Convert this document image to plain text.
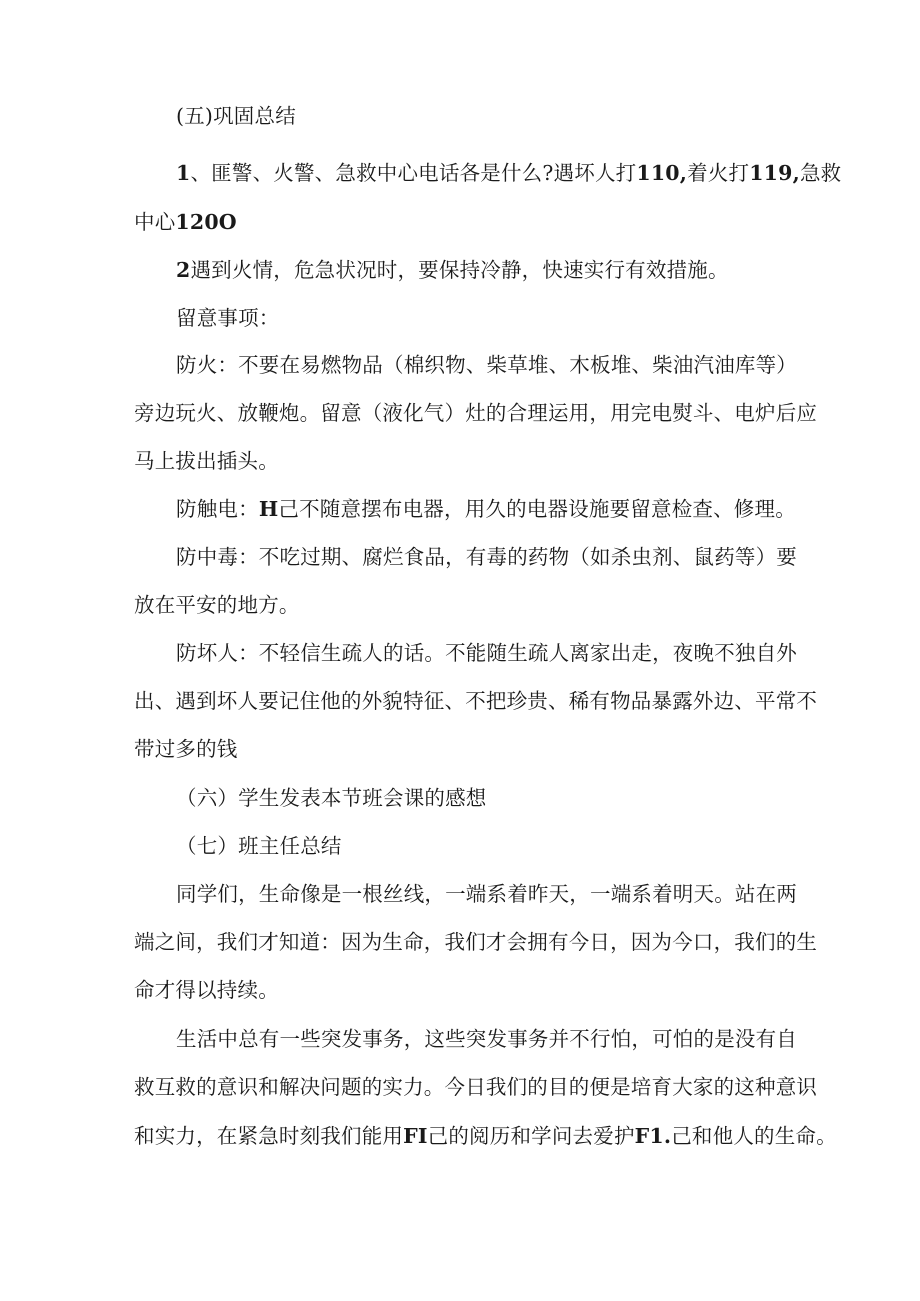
(五)巩固总结
1、匪警、火警、急救中心电话各是什么?遇坏人打110,着火打119,急救
中心120O
2遇到火情，危急状况时，要保持冷静，快速实行有效措施。
留意事项：
防火：不要在易燃物品（棉织物、柴草堆、木板堆、柴油汽油库等）
旁边玩火、放鞭炮。留意（液化气）灶的合理运用，用完电熨斗、电炉后应
马上拔出插头。
防触电：H己不随意摆布电器，用久的电器设施要留意检查、修理。
防中毒：不吃过期、腐烂食品，有毒的药物（如杀虫剂、鼠药等）要
放在平安的地方。
防坏人：不轻信生疏人的话。不能随生疏人离家出走，夜晚不独自外
出、遇到坏人要记住他的外貌特征、不把珍贵、稀有物品暴露外边、平常不
带过多的钱
（六）学生发表本节班会课的感想
（七）班主任总结
同学们，生命像是一根丝线，一端系着昨天，一端系着明天。站在两
端之间，我们才知道：因为生命，我们才会拥有今日，因为今口，我们的生
命才得以持续。
生活中总有一些突发事务，这些突发事务并不行怕，可怕的是没有自
救互救的意识和解决问题的实力。今日我们的目的便是培育大家的这种意识
和实力，在紧急时刻我们能用FI己的阅历和学问去爱护F1.己和他人的生命。
